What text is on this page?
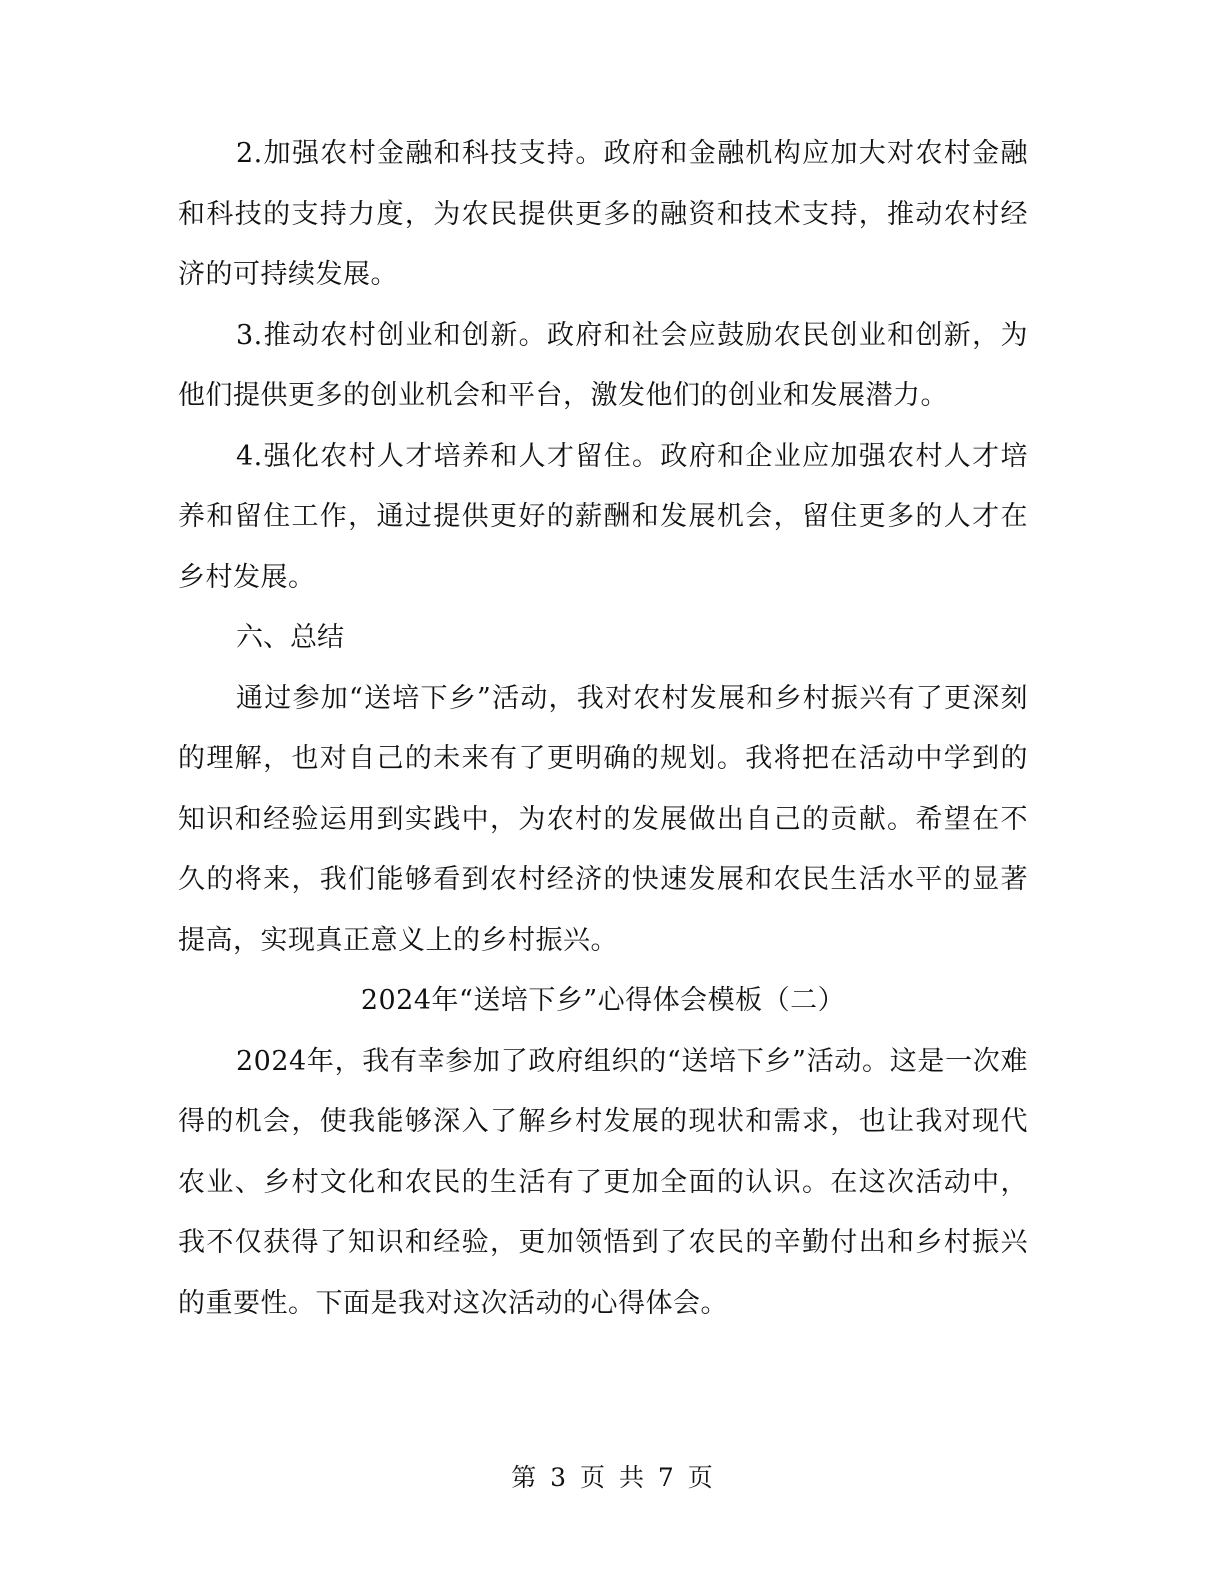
2.加强农村金融和科技支持。政府和金融机构应加大对农村金融和科技的支持力度，为农民提供更多的融资和技术支持，推动农村经济的可持续发展。

3.推动农村创业和创新。政府和社会应鼓励农民创业和创新，为他们提供更多的创业机会和平台，激发他们的创业和发展潜力。

4.强化农村人才培养和人才留住。政府和企业应加强农村人才培养和留住工作，通过提供更好的薪酬和发展机会，留住更多的人才在乡村发展。

六、总结

通过参加“送培下乡”活动，我对农村发展和乡村振兴有了更深刻的理解，也对自己的未来有了更明确的规划。我将把在活动中学到的知识和经验运用到实践中，为农村的发展做出自己的贡献。希望在不久的将来，我们能够看到农村经济的快速发展和农民生活水平的显著提高，实现真正意义上的乡村振兴。

2024年“送培下乡”心得体会模板（二）

2024年，我有幸参加了政府组织的“送培下乡”活动。这是一次难得的机会，使我能够深入了解乡村发展的现状和需求，也让我对现代农业、乡村文化和农民的生活有了更加全面的认识。在这次活动中，我不仅获得了知识和经验，更加领悟到了农民的辛勤付出和乡村振兴的重要性。下面是我对这次活动的心得体会。

第 3 页 共 7 页
